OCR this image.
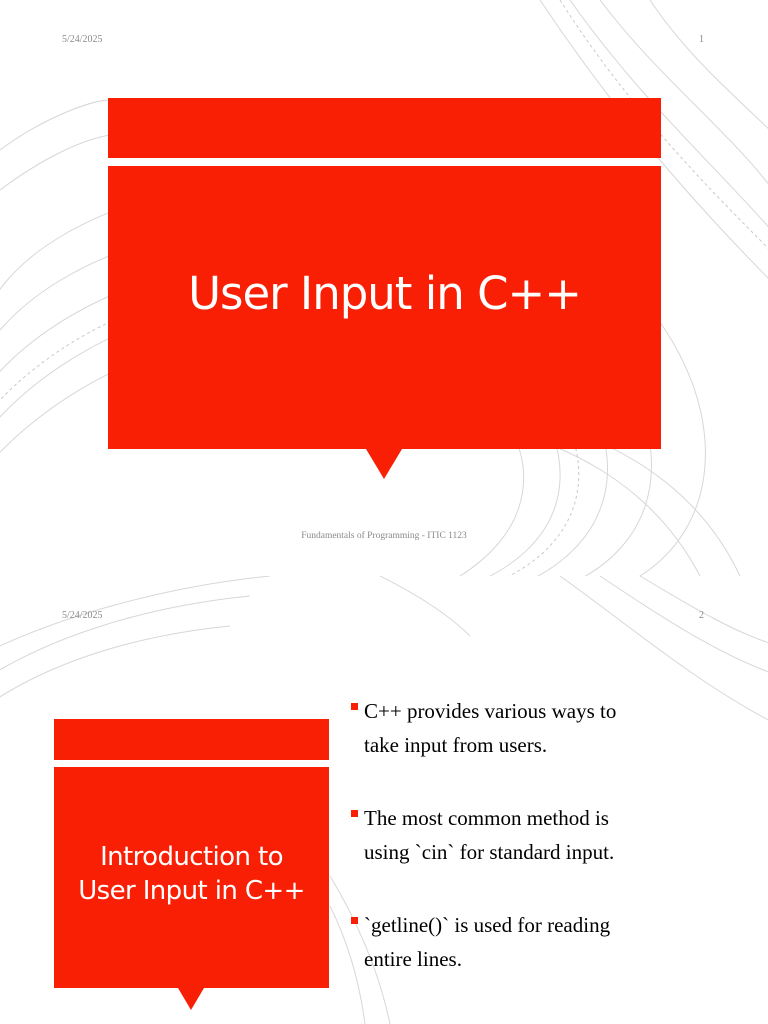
5/24/2025	1
User Input in C++
Fundamentals of Programming - ITIC 1123
5/24/2025	2
Introduction to
User Input in C++
C++ provides various ways to
take input from users.
The most common method is
using `cin` for standard input.
`getline()` is used for reading
entire lines.
